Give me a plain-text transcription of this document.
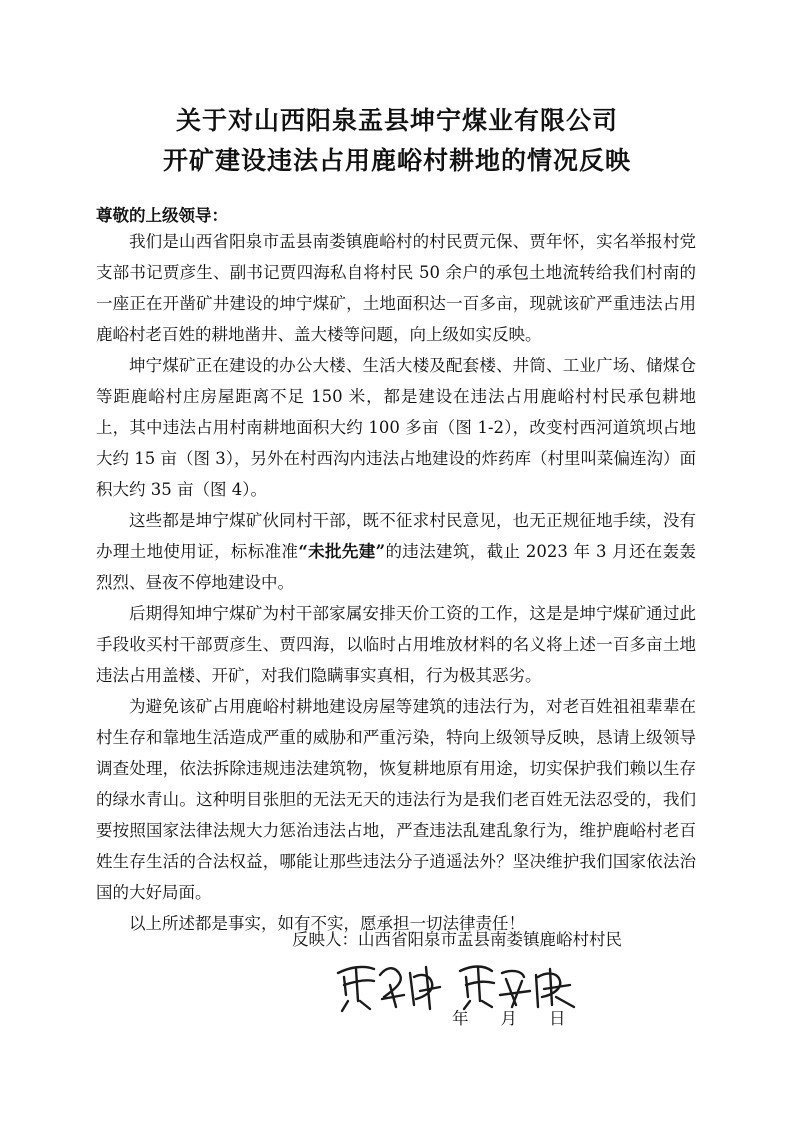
关于对山西阳泉盂县坤宁煤业有限公司
开矿建设违法占用鹿峪村耕地的情况反映
尊敬的上级领导：

我们是山西省阳泉市盂县南娄镇鹿峪村的村民贾元保、贾年怀，实名举报村党支部书记贾彦生、副书记贾四海私自将村民 50 余户的承包土地流转给我们村南的一座正在开凿矿井建设的坤宁煤矿，土地面积达一百多亩，现就该矿严重违法占用鹿峪村老百姓的耕地凿井、盖大楼等问题，向上级如实反映。

坤宁煤矿正在建设的办公大楼、生活大楼及配套楼、井筒、工业广场、储煤仓等距鹿峪村庄房屋距离不足 150 米，都是建设在违法占用鹿峪村村民承包耕地上，其中违法占用村南耕地面积大约 100 多亩（图 1-2），改变村西河道筑坝占地大约 15 亩（图 3），另外在村西沟内违法占地建设的炸药库（村里叫菜偏连沟）面积大约 35 亩（图 4）。

这些都是坤宁煤矿伙同村干部，既不征求村民意见，也无正规征地手续，没有办理土地使用证，标标准准“未批先建”的违法建筑，截止 2023 年 3 月还在轰轰烈烈、昼夜不停地建设中。

后期得知坤宁煤矿为村干部家属安排天价工资的工作，这是是坤宁煤矿通过此手段收买村干部贾彦生、贾四海，以临时占用堆放材料的名义将上述一百多亩土地违法占用盖楼、开矿，对我们隐瞒事实真相，行为极其恶劣。

为避免该矿占用鹿峪村耕地建设房屋等建筑的违法行为，对老百姓祖祖辈辈在村生存和靠地生活造成严重的威胁和严重污染，特向上级领导反映，恳请上级领导调查处理，依法拆除违规违法建筑物，恢复耕地原有用途，切实保护我们赖以生存的绿水青山。这种明目张胆的无法无天的违法行为是我们老百姓无法忍受的，我们要按照国家法律法规大力惩治违法占地，严查违法乱建乱象行为，维护鹿峪村老百姓生存生活的合法权益，哪能让那些违法分子逍遥法外？坚决维护我们国家依法治国的大好局面。

以上所述都是事实，如有不实，愿承担一切法律责任！

反映人：山西省阳泉市盂县南娄镇鹿峪村村民
年 月 日
